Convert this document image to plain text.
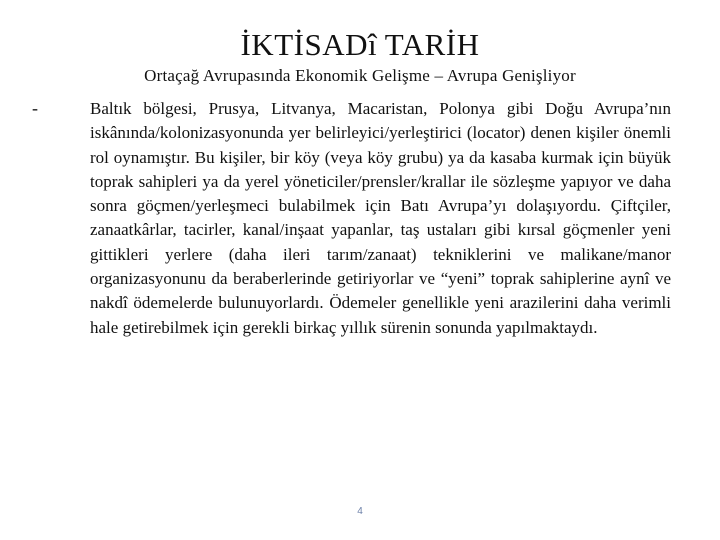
İKTİSADî TARİH
Ortaçağ Avrupasında Ekonomik Gelişme – Avrupa Genişliyor
-	Baltık bölgesi, Prusya, Litvanya, Macaristan, Polonya gibi Doğu Avrupa’nın iskânında/kolonizasyonunda yer belirleyici/yerleştirici (locator) denen kişiler önemli rol oynamıştır. Bu kişiler, bir köy (veya köy grubu) ya da kasaba kurmak için büyük toprak sahipleri ya da yerel yöneticiler/prensler/krallar ile sözleşme yapıyor ve daha sonra göçmen/yerleşmeci bulabilmek için Batı Avrupa’yı dolaşıyordu. Çiftçiler, zanaatkârlar, tacirler, kanal/inşaat yapanlar, taş ustaları gibi kırsal göçmenler yeni gittikleri yerlere (daha ileri tarım/zanaat) tekniklerini ve malikane/manor organizasyonunu da beraberlerinde getiriyorlar ve “yeni” toprak sahiplerine aynî ve nakdî ödemelerde bulunuyorlardı. Ödemeler genellikle yeni arazilerini daha verimli hale getirebilmek için gerekli birkaç yıllık sürenin sonunda yapılmaktaydı.
4
